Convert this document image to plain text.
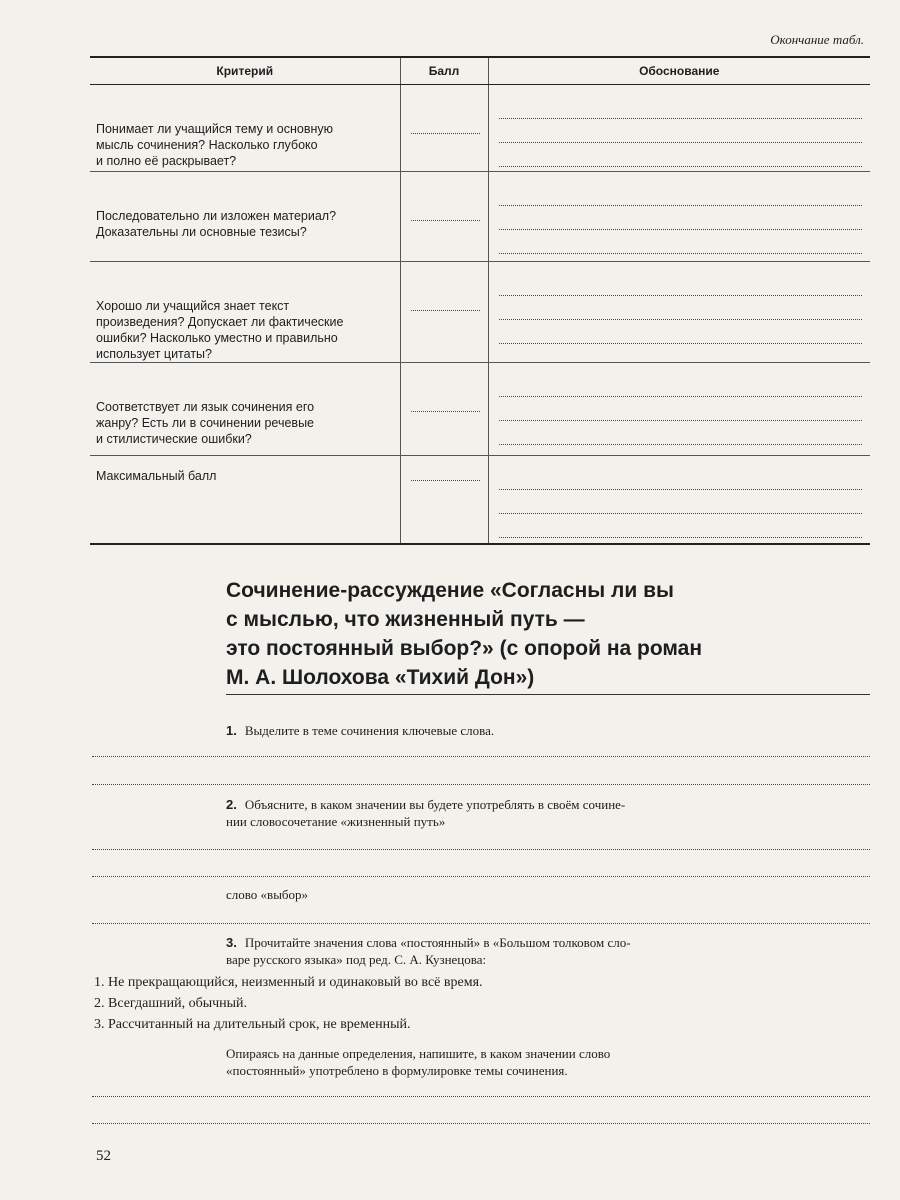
Окончание табл.
Критерий	Балл	Обоснование

Понимает ли учащийся тему и основную
мысль сочинения? Насколько глубоко
и полно её раскрывает?		

Последовательно ли изложен материал?
Доказательны ли основные тезисы?		

Хорошо ли учащийся знает текст
произведения? Допускает ли фактические
ошибки? Насколько уместно и правильно
использует цитаты?		

Соответствует ли язык сочинения его
жанру? Есть ли в сочинении речевые
и стилистические ошибки?		

Максимальный балл		

Сочинение-рассуждение «Согласны ли вы
с мыслью, что жизненный путь —
это постоянный выбор?» (с опорой на роман
М. А. Шолохова «Тихий Дон»)
1. Выделите в теме сочинения ключевые слова.
2. Объясните, в каком значении вы будете употреблять в своём сочине-
нии словосочетание «жизненный путь»
слово «выбор»
3. Прочитайте значения слова «постоянный» в «Большом толковом сло-
варе русского языка» под ред. С. А. Кузнецова:
1. Не прекращающийся, неизменный и одинаковый во всё время.
2. Всегдашний, обычный.
3. Рассчитанный на длительный срок, не временный.
Опираясь на данные определения, напишите, в каком значении слово
«постоянный» употреблено в формулировке темы сочинения.
52
